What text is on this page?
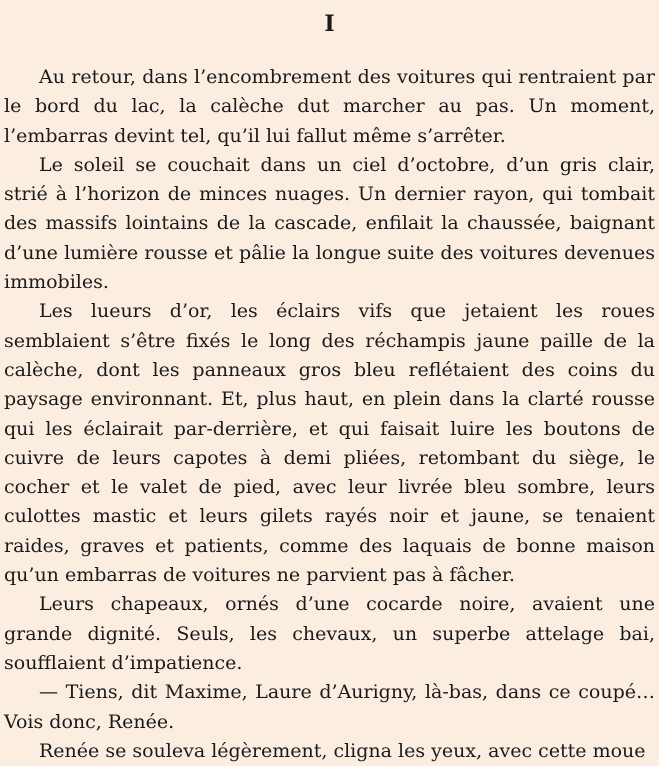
I

Au retour, dans l’encombrement des voitures qui rentraient par le bord du lac, la calèche dut marcher au pas. Un moment, l’embarras devint tel, qu’il lui fallut même s’arrêter.

Le soleil se couchait dans un ciel d’octobre, d’un gris clair, strié à l’horizon de minces nuages. Un dernier rayon, qui tombait des massifs lointains de la cascade, enfilait la chaussée, baignant d’une lumière rousse et pâlie la longue suite des voitures devenues immobiles.

Les lueurs d’or, les éclairs vifs que jetaient les roues semblaient s’être fixés le long des réchampis jaune paille de la calèche, dont les panneaux gros bleu reflétaient des coins du paysage environnant. Et, plus haut, en plein dans la clarté rousse qui les éclairait par-derrière, et qui faisait luire les boutons de cuivre de leurs capotes à demi pliées, retombant du siège, le cocher et le valet de pied, avec leur livrée bleu sombre, leurs culottes mastic et leurs gilets rayés noir et jaune, se tenaient raides, graves et patients, comme des laquais de bonne maison qu’un embarras de voitures ne parvient pas à fâcher.

Leurs chapeaux, ornés d’une cocarde noire, avaient une grande dignité. Seuls, les chevaux, un superbe attelage bai, soufflaient d’impatience.

— Tiens, dit Maxime, Laure d’Aurigny, là-bas, dans ce coupé… Vois donc, Renée.

Renée se souleva légèrement, cligna les yeux, avec cette moue
